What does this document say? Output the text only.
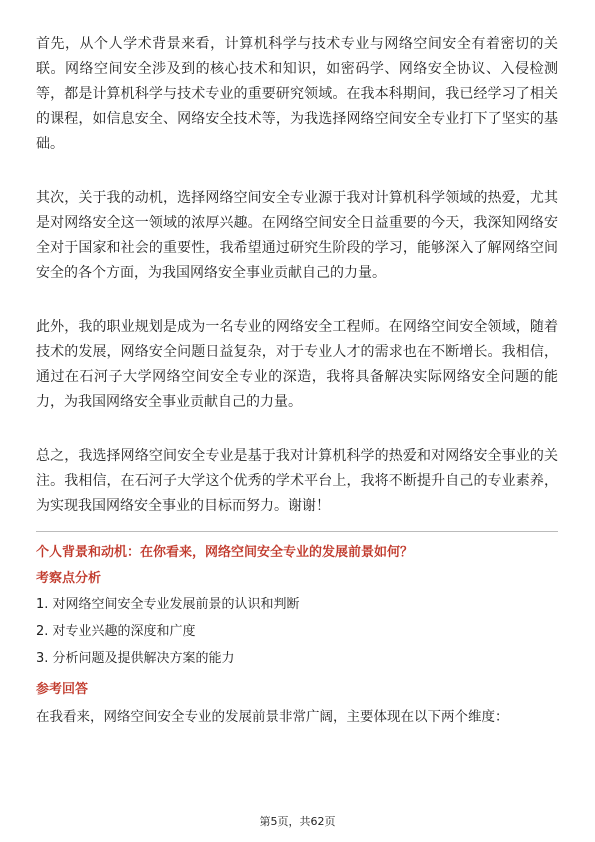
首先，从个人学术背景来看，计算机科学与技术专业与网络空间安全有着密切的关联。网络空间安全涉及到的核心技术和知识，如密码学、网络安全协议、入侵检测等，都是计算机科学与技术专业的重要研究领域。在我本科期间，我已经学习了相关的课程，如信息安全、网络安全技术等，为我选择网络空间安全专业打下了坚实的基础。

其次，关于我的动机，选择网络空间安全专业源于我对计算机科学领域的热爱，尤其是对网络安全这一领域的浓厚兴趣。在网络空间安全日益重要的今天，我深知网络安全对于国家和社会的重要性，我希望通过研究生阶段的学习，能够深入了解网络空间安全的各个方面，为我国网络安全事业贡献自己的力量。

此外，我的职业规划是成为一名专业的网络安全工程师。在网络空间安全领域，随着技术的发展，网络安全问题日益复杂，对于专业人才的需求也在不断增长。我相信，通过在石河子大学网络空间安全专业的深造，我将具备解决实际网络安全问题的能力，为我国网络安全事业贡献自己的力量。

总之，我选择网络空间安全专业是基于我对计算机科学的热爱和对网络安全事业的关注。我相信，在石河子大学这个优秀的学术平台上，我将不断提升自己的专业素养，为实现我国网络安全事业的目标而努力。谢谢！

个人背景和动机：在你看来，网络空间安全专业的发展前景如何？
考察点分析
1. 对网络空间安全专业发展前景的认识和判断
2. 对专业兴趣的深度和广度
3. 分析问题及提供解决方案的能力
参考回答

在我看来，网络空间安全专业的发展前景非常广阔，主要体现在以下两个维度：

第5页，共62页
